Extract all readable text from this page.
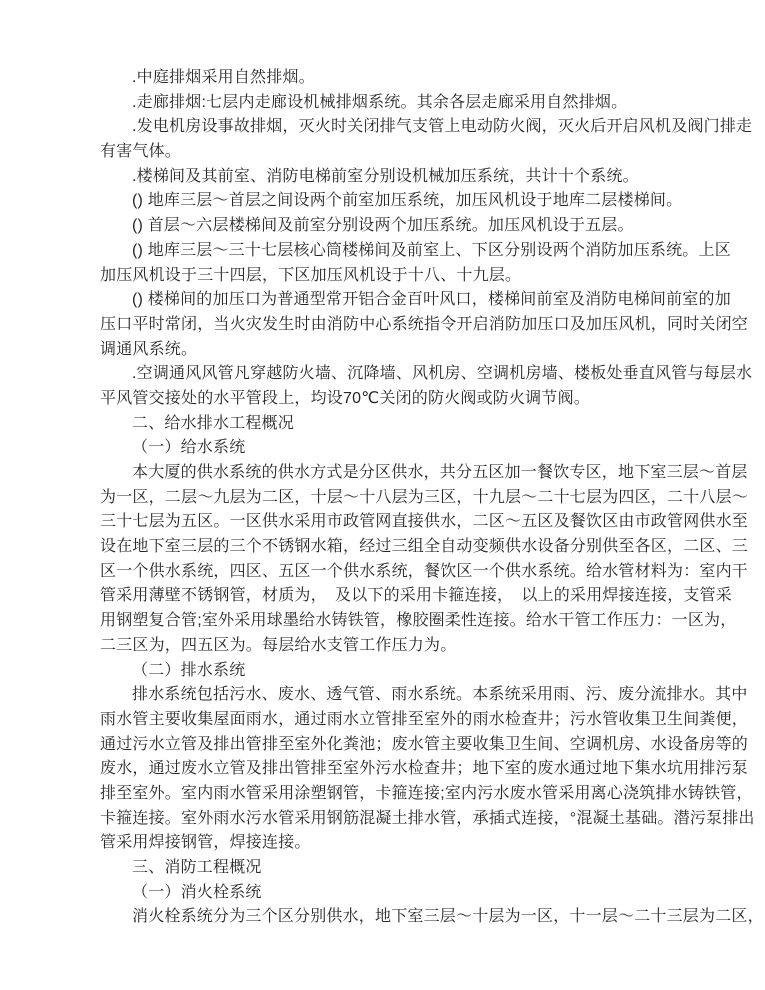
.中庭排烟采用自然排烟。

.走廊排烟:七层内走廊设机械排烟系统。其余各层走廊采用自然排烟。

.发电机房设事故排烟，灭火时关闭排气支管上电动防火阀，灭火后开启风机及阀门排走
有害气体。

.楼梯间及其前室、消防电梯前室分别设机械加压系统，共计十个系统。

() 地库三层～首层之间设两个前室加压系统，加压风机设于地库二层楼梯间。

() 首层～六层楼梯间及前室分别设两个加压系统。加压风机设于五层。

() 地库三层～三十七层核心筒楼梯间及前室上、下区分别设两个消防加压系统。上区
加压风机设于三十四层，下区加压风机设于十八、十九层。

() 楼梯间的加压口为普通型常开铝合金百叶风口，楼梯间前室及消防电梯间前室的加
压口平时常闭，当火灾发生时由消防中心系统指令开启消防加压口及加压风机，同时关闭空
调通风系统。

.空调通风风管凡穿越防火墙、沉降墙、风机房、空调机房墙、楼板处垂直风管与每层水
平风管交接处的水平管段上，均设70℃关闭的防火阀或防火调节阀。

二、给水排水工程概况

（一）给水系统

本大厦的供水系统的供水方式是分区供水，共分五区加一餐饮专区，地下室三层～首层
为一区，二层～九层为二区，十层～十八层为三区，十九层～二十七层为四区，二十八层～
三十七层为五区。一区供水采用市政管网直接供水，二区～五区及餐饮区由市政管网供水至
设在地下室三层的三个不锈钢水箱，经过三组全自动变频供水设备分别供至各区，二区、三
区一个供水系统，四区、五区一个供水系统，餐饮区一个供水系统。给水管材料为：室内干
管采用薄壁不锈钢管，材质为，　及以下的采用卡箍连接，　以上的采用焊接连接，支管采
用钢塑复合管;室外采用球墨给水铸铁管，橡胶圈柔性连接。给水干管工作压力：一区为，
二三区为，四五区为。每层给水支管工作压力为。

（二）排水系统

排水系统包括污水、废水、透气管、雨水系统。本系统采用雨、污、废分流排水。其中
雨水管主要收集屋面雨水，通过雨水立管排至室外的雨水检查井；污水管收集卫生间粪便，
通过污水立管及排出管排至室外化粪池；废水管主要收集卫生间、空调机房、水设备房等的
废水，通过废水立管及排出管排至室外污水检查井；地下室的废水通过地下集水坑用排污泵
排至室外。室内雨水管采用涂塑钢管，卡箍连接;室内污水废水管采用离心浇筑排水铸铁管，
卡箍连接。室外雨水污水管采用钢筋混凝土排水管，承插式连接，°混凝土基础。潜污泵排出
管采用焊接钢管，焊接连接。

三、消防工程概况

（一）消火栓系统

消火栓系统分为三个区分别供水，地下室三层～十层为一区，十一层～二十三层为二区，
